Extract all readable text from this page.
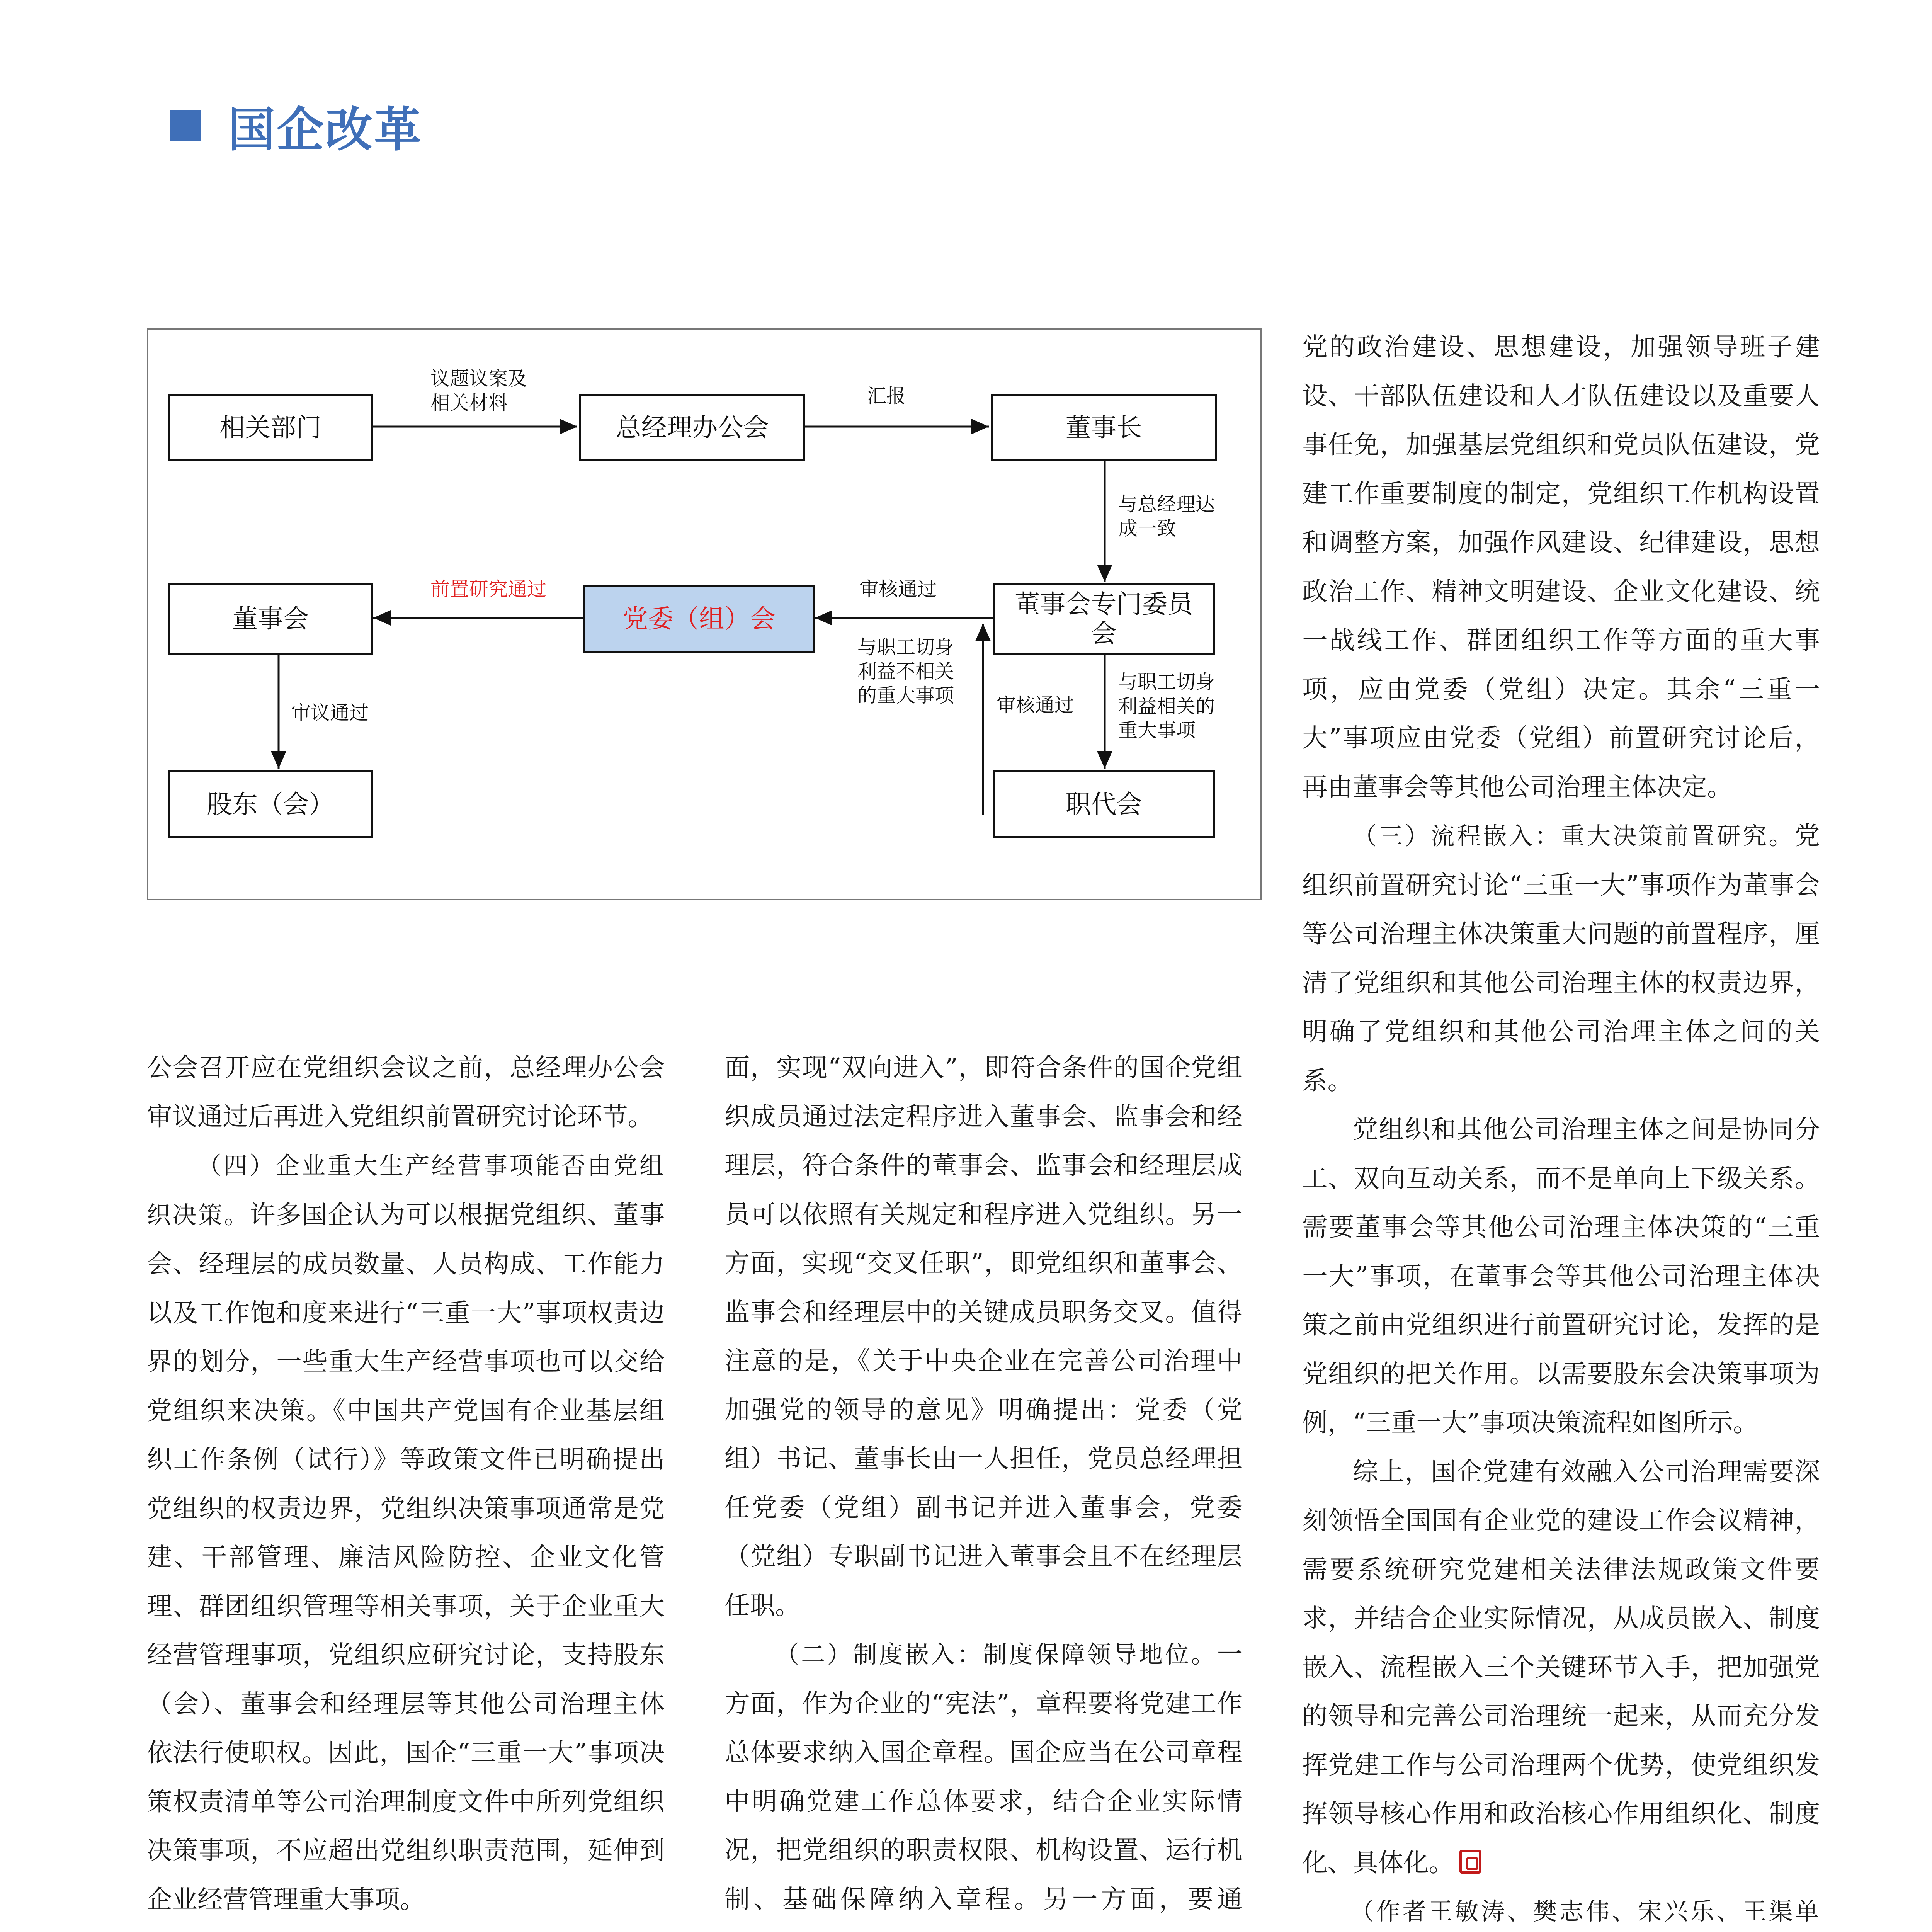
国企改革
相关部门	总经理办公会	董事长
董事会	党委（组）会	董事会专门委员会
股东（会）	职代会
议题议案及
相关材料	汇报
与总经理达
成一致
审核通过
与职工切身
利益不相关
的重大事项
前置研究通过
审议通过	审核通过
与职工切身
利益相关的
重大事项

公会召开应在党组织会议之前，总经理办公会审议通过后再进入党组织前置研究讨论环节。

（四）企业重大生产经营事项能否由党组织决策。许多国企认为可以根据党组织、董事会、经理层的成员数量、人员构成、工作能力以及工作饱和度来进行“三重一大”事项权责边界的划分，一些重大生产经营事项也可以交给党组织来决策。《中国共产党国有企业基层组织工作条例（试行）》等政策文件已明确提出党组织的权责边界，党组织决策事项通常是党建、干部管理、廉洁风险防控、企业文化管理、群团组织管理等相关事项，关于企业重大经营管理事项，党组织应研究讨论，支持股东（会）、董事会和经理层等其他公司治理主体依法行使职权。因此，国企“三重一大”事项决策权责清单等公司治理制度文件中所列党组织决策事项，不应超出党组织职责范围，延伸到企业经营管理重大事项。

面，实现“双向进入”，即符合条件的国企党组织成员通过法定程序进入董事会、监事会和经理层，符合条件的董事会、监事会和经理层成员可以依照有关规定和程序进入党组织。另一方面，实现“交叉任职”，即党组织和董事会、监事会和经理层中的关键成员职务交叉。值得注意的是，《关于中央企业在完善公司治理中加强党的领导的意见》明确提出：党委（党组）书记、董事长由一人担任，党员总经理担任党委（党组）副书记并进入董事会，党委（党组）专职副书记进入董事会且不在经理层任职。

（二）制度嵌入：制度保障领导地位。一方面，作为企业的“宪法”，章程要将党建工作总体要求纳入国企章程。国企应当在公司章程中明确党建工作总体要求，结合企业实际情况，把党组织的职责权限、机构设置、运行机制、基础保障纳入章程。另一方面，要通

党的政治建设、思想建设，加强领导班子建设、干部队伍建设和人才队伍建设以及重要人事任免，加强基层党组织和党员队伍建设，党建工作重要制度的制定，党组织工作机构设置和调整方案，加强作风建设、纪律建设，思想政治工作、精神文明建设、企业文化建设、统一战线工作、群团组织工作等方面的重大事项，应由党委（党组）决定。其余“三重一大”事项应由党委（党组）前置研究讨论后，再由董事会等其他公司治理主体决定。

（三）流程嵌入：重大决策前置研究。党组织前置研究讨论“三重一大”事项作为董事会等公司治理主体决策重大问题的前置程序，厘清了党组织和其他公司治理主体的权责边界，明确了党组织和其他公司治理主体之间的关系。

党组织和其他公司治理主体之间是协同分工、双向互动关系，而不是单向上下级关系。需要董事会等其他公司治理主体决策的“三重一大”事项，在董事会等其他公司治理主体决策之前由党组织进行前置研究讨论，发挥的是党组织的把关作用。以需要股东会决策事项为例，“三重一大”事项决策流程如图所示。

综上，国企党建有效融入公司治理需要深刻领悟全国国有企业党的建设工作会议精神，需要系统研究党建相关法律法规政策文件要求，并结合企业实际情况，从成员嵌入、制度嵌入、流程嵌入三个关键环节入手，把加强党的领导和完善公司治理统一起来，从而充分发挥党建工作与公司治理两个优势，使党组织发挥领导核心作用和政治核心作用组织化、制度化、具体化。

（作者王敏涛、樊志伟、宋兴乐、王渠单
